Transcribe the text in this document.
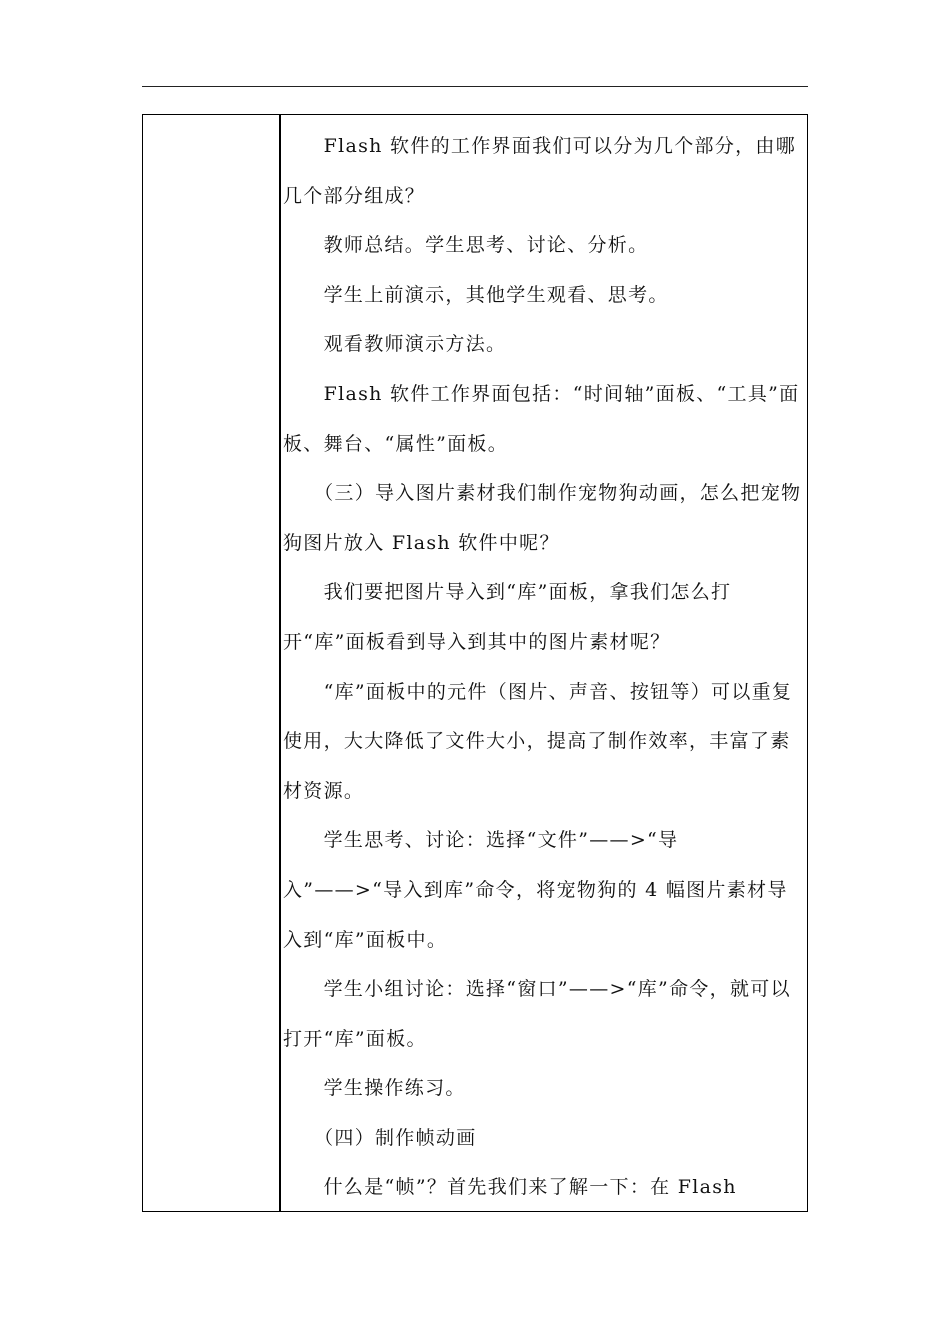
　　Flash 软件的工作界面我们可以分为几个部分，由哪几个部分组成？

　　教师总结。学生思考、讨论、分析。

　　学生上前演示，其他学生观看、思考。

　　观看教师演示方法。

　　Flash 软件工作界面包括：“时间轴”面板、“工具”面板、舞台、“属性”面板。

　　（三）导入图片素材我们制作宠物狗动画，怎么把宠物狗图片放入 Flash 软件中呢？

　　我们要把图片导入到“库”面板，拿我们怎么打开“库”面板看到导入到其中的图片素材呢？

　　“库”面板中的元件（图片、声音、按钮等）可以重复使用，大大降低了文件大小，提高了制作效率，丰富了素材资源。

　　学生思考、讨论：选择“文件”——>“导
入”——>“导入到库”命令，将宠物狗的 4 幅图片素材导入到“库”面板中。

　　学生小组讨论：选择“窗口”——>“库”命令，就可以打开“库”面板。

　　学生操作练习。

　　（四）制作帧动画

　　什么是“帧”？首先我们来了解一下：在 Flash
